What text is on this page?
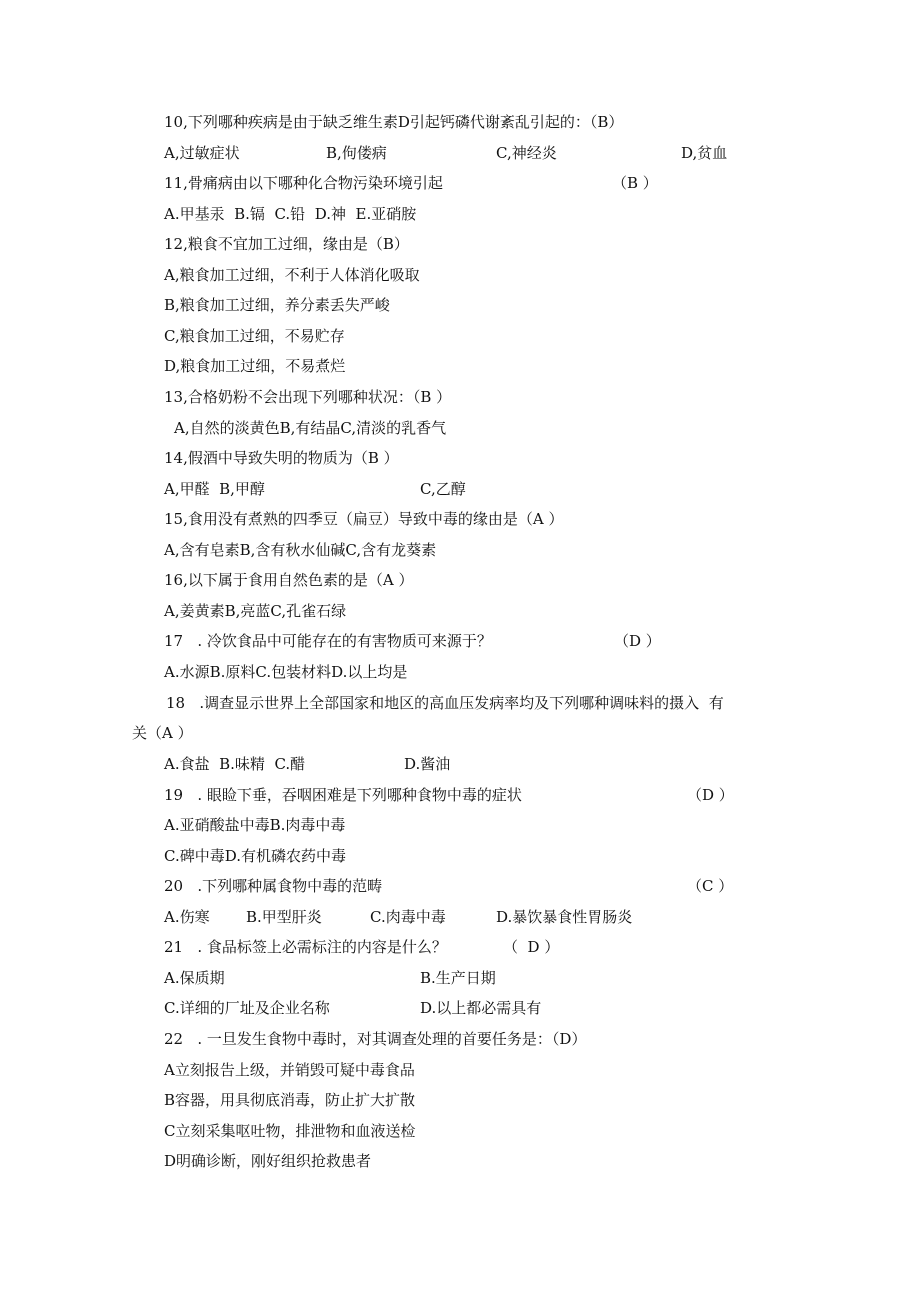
10,下列哪种疾病是由于缺乏维生素D引起钙磷代谢紊乱引起的：（B）
A,过敏症状	B,佝偻病	C,神经炎	D,贫血
11,骨痛病由以下哪种化合物污染环境引起	（B ）
A.甲基汞  B.镉  C.铅  D.神  E.亚硝胺
12,粮食不宜加工过细，缘由是（B）
A,粮食加工过细，不利于人体消化吸取
B,粮食加工过细，养分素丢失严峻
C,粮食加工过细，不易贮存
D,粮食加工过细，不易煮烂
13,合格奶粉不会出现下列哪种状况：（B ）
A,自然的淡黄色B,有结晶C,清淡的乳香气
14,假酒中导致失明的物质为（B ）
A,甲醛  B,甲醇	C,乙醇
15,食用没有煮熟的四季豆（扁豆）导致中毒的缘由是（A ）
A,含有皂素B,含有秋水仙碱C,含有龙葵素
16,以下属于食用自然色素的是（A ）
A,姜黄素B,亮蓝C,孔雀石绿
17   . 冷饮食品中可能存在的有害物质可来源于？	（D ）
A.水源B.原料C.包装材料D.以上均是
18   .调查显示世界上全部国家和地区的高血压发病率均及下列哪种调味料的摄入  有
关（A ）
A.食盐  B.味精  C.醋	D.酱油
19   . 眼睑下垂，吞咽困难是下列哪种食物中毒的症状	（D ）
A.亚硝酸盐中毒B.肉毒中毒
C.碑中毒D.有机磷农药中毒
20   .下列哪种属食物中毒的范畴	（C ）
A.伤寒 B.甲型肝炎	C.肉毒中毒	D.暴饮暴食性胃肠炎
21   . 食品标签上必需标注的内容是什么？	（  D ）
A.保质期	B.生产日期
C.详细的厂址及企业名称	D.以上都必需具有
22   . 一旦发生食物中毒时，对其调查处理的首要任务是：（D）
A立刻报告上级，并销毁可疑中毒食品
B容器，用具彻底消毒，防止扩大扩散
C立刻采集呕吐物，排泄物和血液送检
D明确诊断，刚好组织抢救患者
